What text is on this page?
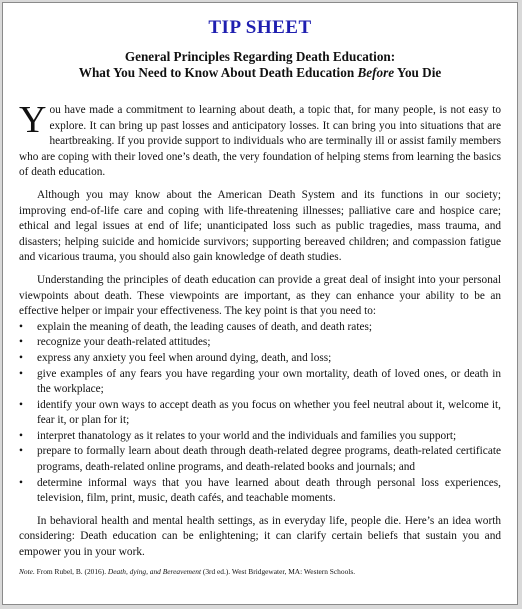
TIP SHEET
General Principles Regarding Death Education:
What You Need to Know About Death Education Before You Die

You have made a commitment to learning about death, a topic that, for many people, is not easy to explore. It can bring up past losses and anticipatory losses. It can bring you into situations that are heartbreaking. If you provide support to individuals who are terminally ill or assist family members who are coping with their loved one’s death, the very foundation of helping stems from learning the basics of death education.

Although you may know about the American Death System and its functions in our society; improving end-of-life care and coping with life-threatening illnesses; palliative care and hospice care; ethical and legal issues at end of life; unanticipated loss such as public tragedies, mass trauma, and disasters; helping suicide and homicide survivors; supporting bereaved children; and compassion fatigue and vicarious trauma, you should also gain knowledge of death studies.

Understanding the principles of death education can provide a great deal of insight into your personal viewpoints about death. These viewpoints are important, as they can enhance your ability to be an effective helper or impair your effectiveness. The key point is that you need to:

• explain the meaning of death, the leading causes of death, and death rates;
• recognize your death-related attitudes;
• express any anxiety you feel when around dying, death, and loss;
• give examples of any fears you have regarding your own mortality, death of loved ones, or death in the workplace;
• identify your own ways to accept death as you focus on whether you feel neutral about it, welcome it, fear it, or plan for it;
• interpret thanatology as it relates to your world and the individuals and families you support;
• prepare to formally learn about death through death-related degree programs, death-related certificate programs, death-related online programs, and death-related books and journals; and
• determine informal ways that you have learned about death through personal loss experiences, television, film, print, music, death cafés, and teachable moments.

In behavioral health and mental health settings, as in everyday life, people die. Here’s an idea worth considering: Death education can be enlightening; it can clarify certain beliefs that sustain you and empower you in your work.

Note. From Rubel, B. (2016). Death, dying, and Bereavement (3rd ed.). West Bridgewater, MA: Western Schools.
